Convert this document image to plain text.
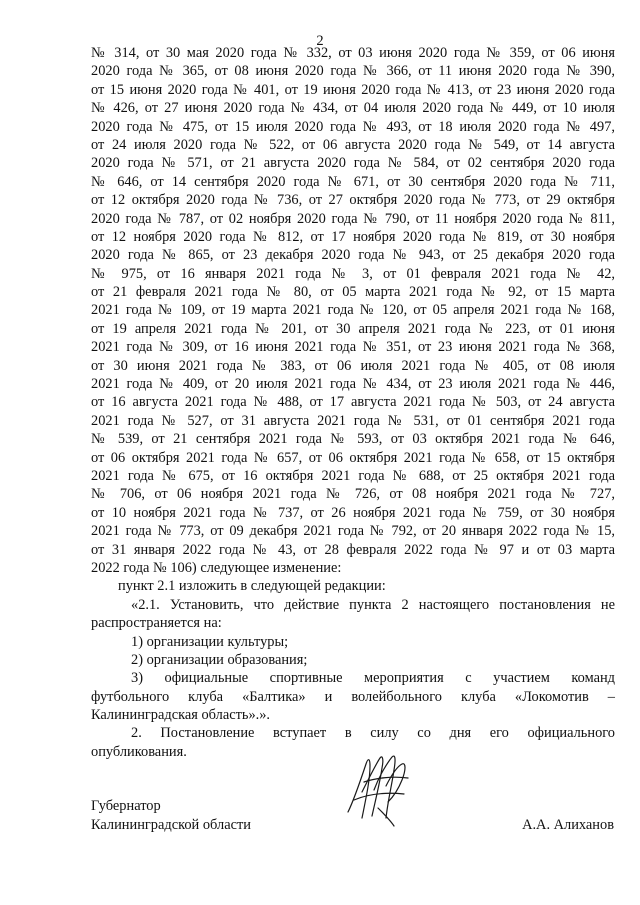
2
№ 314, от 30 мая 2020 года № 332, от 03 июня 2020 года № 359, от 06 июня
2020 года № 365, от 08 июня 2020 года № 366, от 11 июня 2020 года № 390,
от 15 июня 2020 года № 401, от 19 июня 2020 года № 413, от 23 июня 2020 года
№ 426, от 27 июня 2020 года № 434, от 04 июля 2020 года № 449, от 10 июля
2020 года № 475, от 15 июля 2020 года № 493, от 18 июля 2020 года № 497,
от 24 июля 2020 года № 522, от 06 августа 2020 года № 549, от 14 августа
2020 года № 571, от 21 августа 2020 года № 584, от 02 сентября 2020 года
№ 646, от 14 сентября 2020 года № 671, от 30 сентября 2020 года № 711,
от 12 октября 2020 года № 736, от 27 октября 2020 года № 773, от 29 октября
2020 года № 787, от 02 ноября 2020 года № 790, от 11 ноября 2020 года № 811,
от 12 ноября 2020 года № 812, от 17 ноября 2020 года № 819, от 30 ноября
2020 года № 865, от 23 декабря 2020 года № 943, от 25 декабря 2020 года
№ 975, от 16 января 2021 года № 3, от 01 февраля 2021 года № 42,
от 21 февраля 2021 года № 80, от 05 марта 2021 года № 92, от 15 марта
2021 года № 109, от 19 марта 2021 года № 120, от 05 апреля 2021 года № 168,
от 19 апреля 2021 года № 201, от 30 апреля 2021 года № 223, от 01 июня
2021 года № 309, от 16 июня 2021 года № 351, от 23 июня 2021 года № 368,
от 30 июня 2021 года № 383, от 06 июля 2021 года № 405, от 08 июля
2021 года № 409, от 20 июля 2021 года № 434, от 23 июля 2021 года № 446,
от 16 августа 2021 года № 488, от 17 августа 2021 года № 503, от 24 августа
2021 года № 527, от 31 августа 2021 года № 531, от 01 сентября 2021 года
№ 539, от 21 сентября 2021 года № 593, от 03 октября 2021 года № 646,
от 06 октября 2021 года № 657, от 06 октября 2021 года № 658, от 15 октября
2021 года № 675, от 16 октября 2021 года № 688, от 25 октября 2021 года
№ 706, от 06 ноября 2021 года № 726, от 08 ноября 2021 года № 727,
от 10 ноября 2021 года № 737, от 26 ноября 2021 года № 759, от 30 ноября
2021 года № 773, от 09 декабря 2021 года № 792, от 20 января 2022 года № 15,
от 31 января 2022 года № 43, от 28 февраля 2022 года № 97 и от 03 марта
2022 года № 106) следующее изменение:
пункт 2.1 изложить в следующей редакции:
«2.1. Установить, что действие пункта 2 настоящего постановления не
распространяется на:
1) организации культуры;
2) организации образования;
3) официальные спортивные мероприятия с участием команд
футбольного клуба «Балтика» и волейбольного клуба «Локомотив –
Калининградская область».».
2. Постановление вступает в силу со дня его официального
опубликования.
Губернатор
Калининградской области	А.А. Алиханов
